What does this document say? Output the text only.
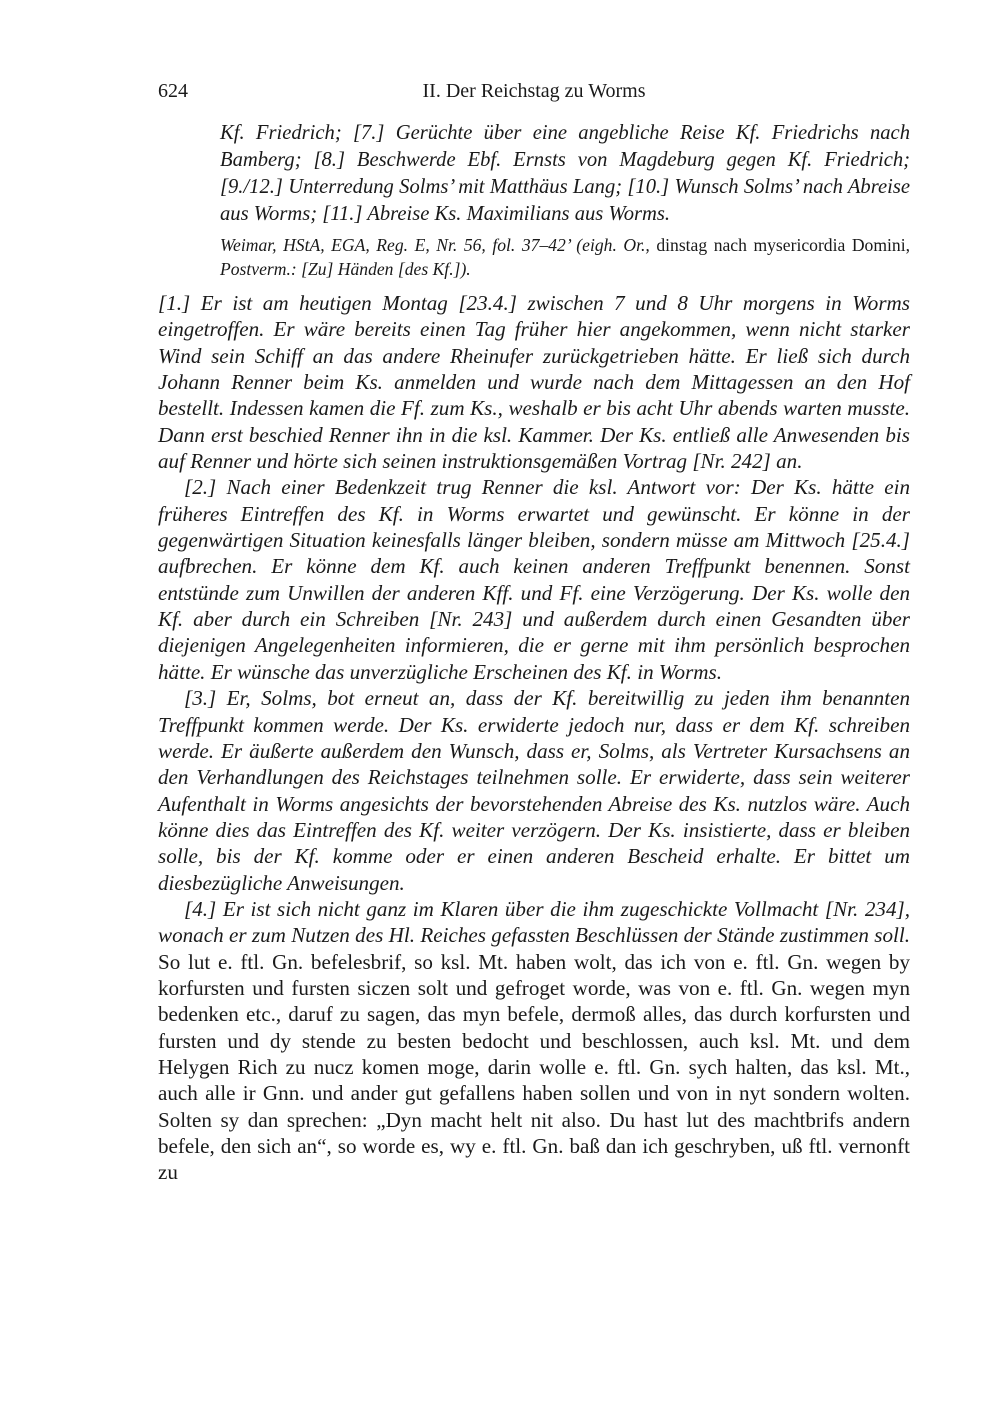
624	II. Der Reichstag zu Worms
Kf. Friedrich; [7.] Gerüchte über eine angebliche Reise Kf. Friedrichs nach Bamberg; [8.] Beschwerde Ebf. Ernsts von Magdeburg gegen Kf. Friedrich; [9./12.] Unterredung Solms’ mit Matthäus Lang; [10.] Wunsch Solms’ nach Abreise aus Worms; [11.] Abreise Ks. Maximilians aus Worms.
Weimar, HStA, EGA, Reg. E, Nr. 56, fol. 37–42’ (eigh. Or., dinstag nach mysericordia Domini, Postverm.: [Zu] Händen [des Kf.]).

[1.] Er ist am heutigen Montag [23.4.] zwischen 7 und 8 Uhr morgens in Worms eingetroffen. Er wäre bereits einen Tag früher hier angekommen, wenn nicht starker Wind sein Schiff an das andere Rheinufer zurückgetrieben hätte. Er ließ sich durch Johann Renner beim Ks. anmelden und wurde nach dem Mittagessen an den Hof bestellt. Indessen kamen die Ff. zum Ks., weshalb er bis acht Uhr abends warten musste. Dann erst beschied Renner ihn in die ksl. Kammer. Der Ks. entließ alle Anwesenden bis auf Renner und hörte sich seinen instruktionsgemäßen Vortrag [Nr. 242] an.

[2.] Nach einer Bedenkzeit trug Renner die ksl. Antwort vor: Der Ks. hätte ein früheres Eintreffen des Kf. in Worms erwartet und gewünscht. Er könne in der gegenwärtigen Situation keinesfalls länger bleiben, sondern müsse am Mittwoch [25.4.] aufbrechen. Er könne dem Kf. auch keinen anderen Treffpunkt benennen. Sonst entstünde zum Unwillen der anderen Kff. und Ff. eine Verzögerung. Der Ks. wolle den Kf. aber durch ein Schreiben [Nr. 243] und außerdem durch einen Gesandten über diejenigen Angelegenheiten informieren, die er gerne mit ihm persönlich besprochen hätte. Er wünsche das unverzügliche Erscheinen des Kf. in Worms.

[3.] Er, Solms, bot erneut an, dass der Kf. bereitwillig zu jeden ihm benannten Treffpunkt kommen werde. Der Ks. erwiderte jedoch nur, dass er dem Kf. schreiben werde. Er äußerte außerdem den Wunsch, dass er, Solms, als Vertreter Kursachsens an den Verhandlungen des Reichstages teilnehmen solle. Er erwiderte, dass sein weiterer Aufenthalt in Worms angesichts der bevorstehenden Abreise des Ks. nutzlos wäre. Auch könne dies das Eintreffen des Kf. weiter verzögern. Der Ks. insistierte, dass er bleiben solle, bis der Kf. komme oder er einen anderen Bescheid erhalte. Er bittet um diesbezügliche Anweisungen.

[4.] Er ist sich nicht ganz im Klaren über die ihm zugeschickte Vollmacht [Nr. 234], wonach er zum Nutzen des Hl. Reiches gefassten Beschlüssen der Stände zustimmen soll. So lut e. ftl. Gn. befelesbrif, so ksl. Mt. haben wolt, das ich von e. ftl. Gn. wegen by korfursten und fursten siczen solt und gefroget worde, was von e. ftl. Gn. wegen myn bedenken etc., daruf zu sagen, das myn befele, dermoß alles, das durch korfursten und fursten und dy stende zu besten bedocht und beschlossen, auch ksl. Mt. und dem Helygen Rich zu nucz komen moge, darin wolle e. ftl. Gn. sych halten, das ksl. Mt., auch alle ir Gnn. und ander gut gefallens haben sollen und von in nyt sondern wolten. Solten sy dan sprechen: „Dyn macht helt nit also. Du hast lut des machtbrifs andern befele, den sich an“, so worde es, wy e. ftl. Gn. baß dan ich geschryben, uß ftl. vernonft zu
